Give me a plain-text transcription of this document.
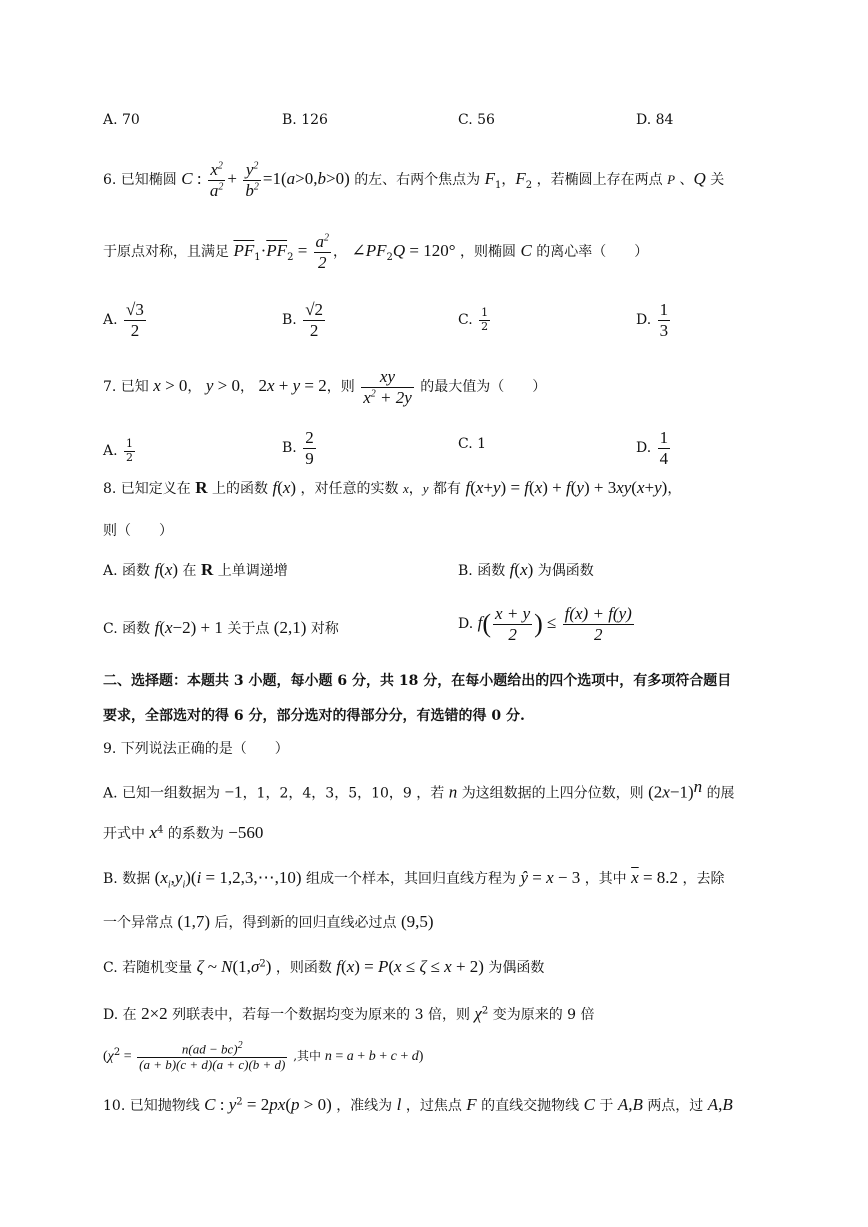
A. 70	B. 126	C. 56	D. 84
6. 已知椭圆 C : $\frac{x^2}{a^2} + \frac{y^2}{b^2} =1(a>0,b>0)$ 的左、右两个焦点为 $F_1$，$F_2$ ，若椭圆上存在两点 P 、Q 关
于原点对称，且满足 $\overline{PF}_1\cdot\overline{PF}_2 = \frac{a^2}{2}$ ， $\angle PF_2Q = 120^\circ$ ，则椭圆 C 的离心率（　　）
A. $\frac{√3}{2}$	B. $\frac{√2}{2}$	C. $\frac{1}{2}$	D. $\frac{1}{3}$
7. 已知 x > 0， y > 0， 2x + y = 2，则 $\frac{xy}{x^2 + 2y}$ 的最大值为（　　）
A. $\frac{1}{2}$	B. $\frac{2}{9}$	C. 1	D. $\frac{1}{4}$
8. 已知定义在 R 上的函数 f(x) ，对任意的实数 x，y 都有 f(x+y) = f(x) + f(y) + 3xy(x+y)，
则（　　）
A. 函数 f(x) 在 R 上单调递增	B. 函数 f(x) 为偶函数
C. 函数 f(x−2) + 1 关于点 (2,1) 对称	D. $f( \frac{x + y}{2}$ ) ≤ $\frac{f(x) + f(y)}{2}$
二、选择题：本题共 3 小题，每小题 6 分，共 18 分，在每小题给出的四个选项中，有多项符合题目
要求，全部选对的得 6 分，部分选对的得部分分，有选错的得 0 分.
9. 下列说法正确的是（　　）
A. 已知一组数据为 −1，1，2，4，3，5，10，9 ，若 n 为这组数据的上四分位数，则 $(2x-1)^n$ 的展
开式中 $x^4$ 的系数为 −560
B. 数据 $(x_i,y_i)(i$ = 1,2,3,⋯,10) 组成一个样本，其回归直线方程为 ŷ = x − 3 ，其中 $\overline{x} = 8.2$ ，去除
一个异常点 (1,7) 后，得到新的回归直线必过点 (9,5)
C. 若随机变量 ζ ~ $N(1,\sigma^2)$ ，则函数 f(x) = P(x ≤ ζ ≤ x + 2) 为偶函数
D. 在 2×2 列联表中，若每一个数据均变为原来的 3 倍，则 $\chi^2$ 变为原来的 9 倍
($\chi^2 = \frac{n(ad - bc)^2}{(a + b)(c + d)(a + c)(b + d)}$ ,其中 n = a + b + c + d)
10. 已知抛物线 C : $y^2 = 2px(p > 0)$ ，准线为 l ，过焦点 F 的直线交抛物线 C 于 A,B 两点，过 A,B
